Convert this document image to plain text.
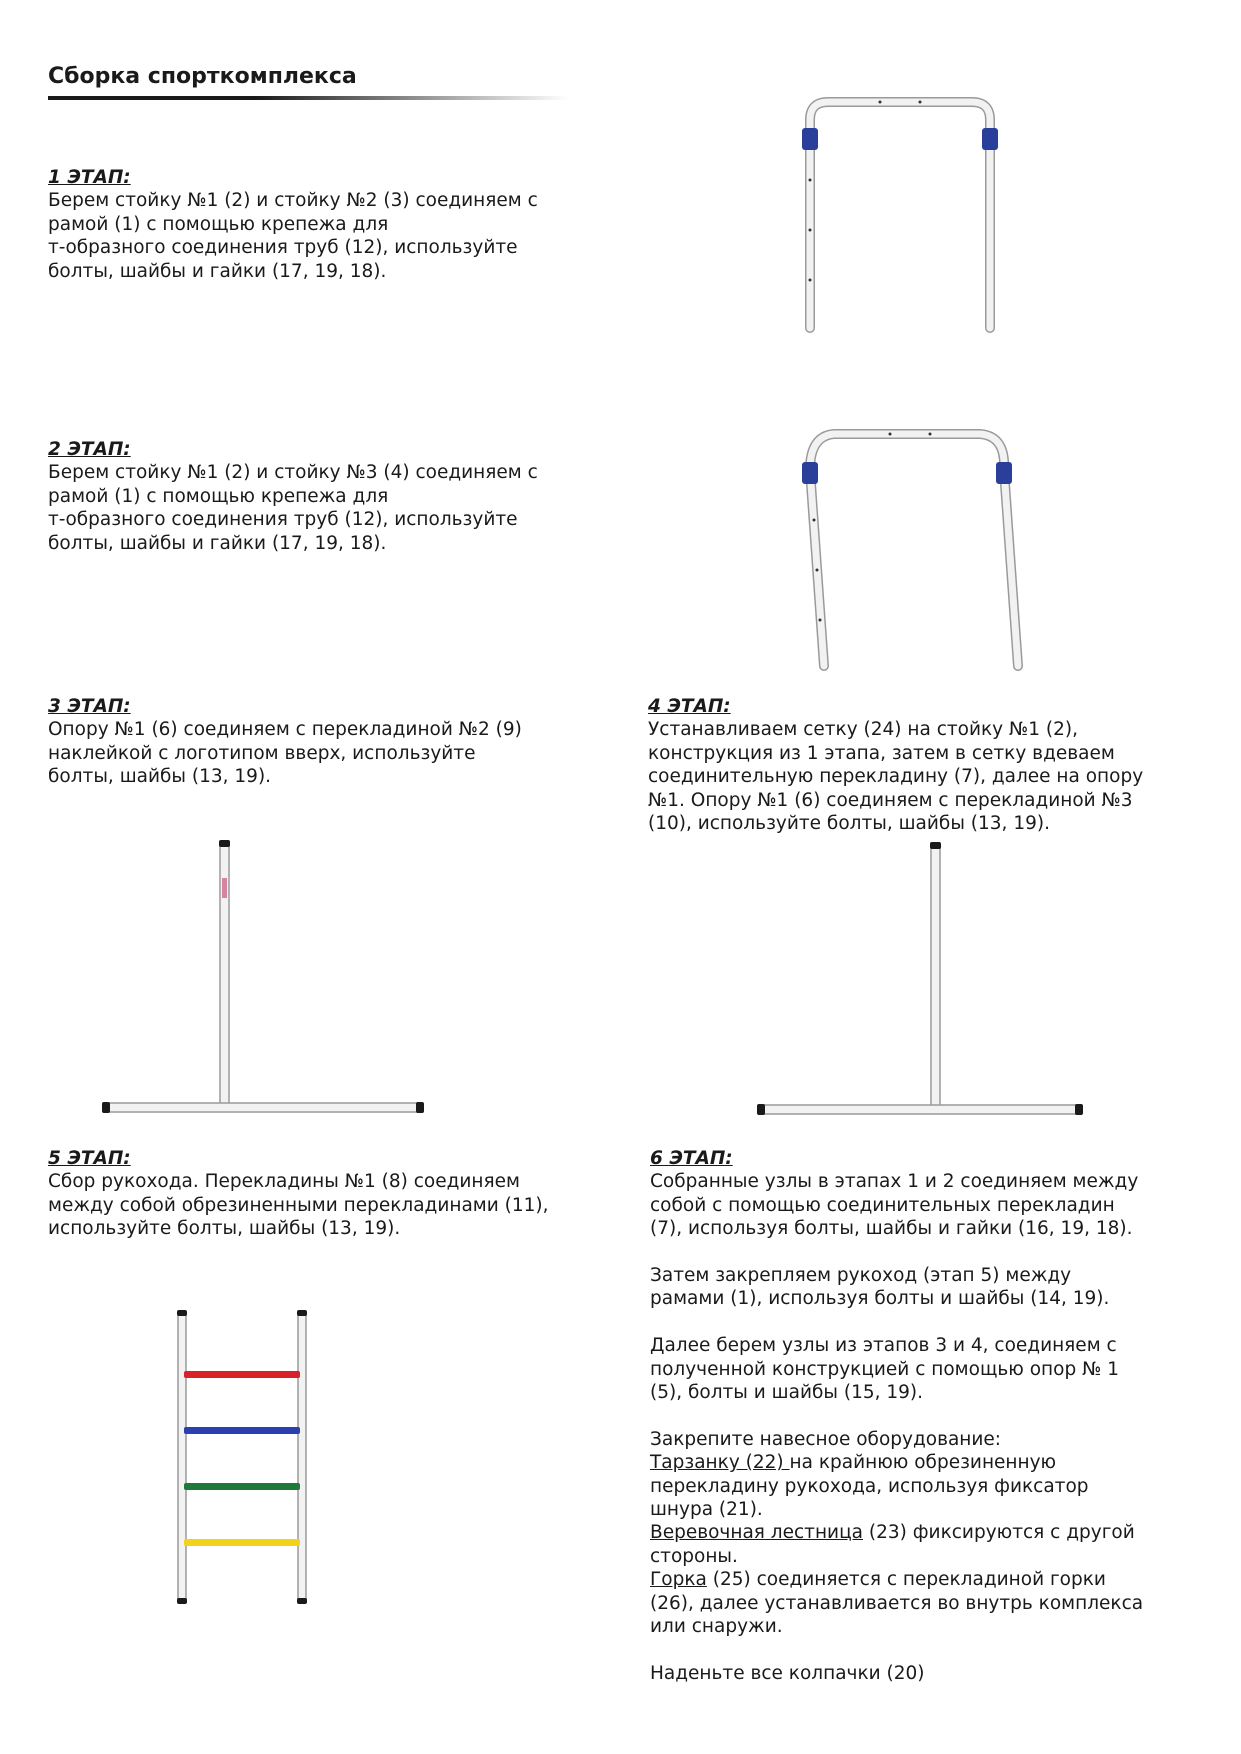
Сборка спорткомплекса
1 ЭТАП:

Берем стойку №1 (2) и стойку №2 (3) соединяем с

рамой (1) с помощью крепежа для

т-образного соединения труб (12), используйте

болты, шайбы и гайки (17, 19, 18).

2 ЭТАП:

Берем стойку №1 (2) и стойку №3 (4) соединяем с

рамой (1) с помощью крепежа для

т-образного соединения труб (12), используйте

болты, шайбы и гайки (17, 19, 18).

3 ЭТАП:

Опору №1 (6) соединяем с перекладиной №2 (9)

наклейкой с логотипом вверх, используйте

болты, шайбы (13, 19).

4 ЭТАП:

Устанавливаем сетку (24) на стойку №1 (2),

конструкция из 1 этапа, затем в сетку вдеваем

соединительную перекладину (7), далее на опору

№1. Опору №1 (6) соединяем с перекладиной №3

(10), используйте болты, шайбы (13, 19).

5 ЭТАП:

Сбор рукохода. Перекладины №1 (8) соединяем

между собой обрезиненными перекладинами (11),

используйте болты, шайбы (13, 19).

6 ЭТАП:

Собранные узлы в этапах 1 и 2 соединяем между

собой с помощью соединительных перекладин

(7), используя болты, шайбы и гайки (16, 19, 18).

Затем закрепляем рукоход (этап 5) между

рамами (1), используя болты и шайбы (14, 19).

Далее берем узлы из этапов 3 и 4, соединяем с

полученной конструкцией с помощью опор № 1

(5), болты и шайбы (15, 19).

Закрепите навесное оборудование:

Тарзанку (22) на крайнюю обрезиненную

перекладину рукохода, используя фиксатор

шнура (21).

Веревочная лестница (23) фиксируются с другой

стороны.

Горка (25) соединяется с перекладиной горки

(26), далее устанавливается во внутрь комплекса

или снаружи.

Наденьте все колпачки (20)
